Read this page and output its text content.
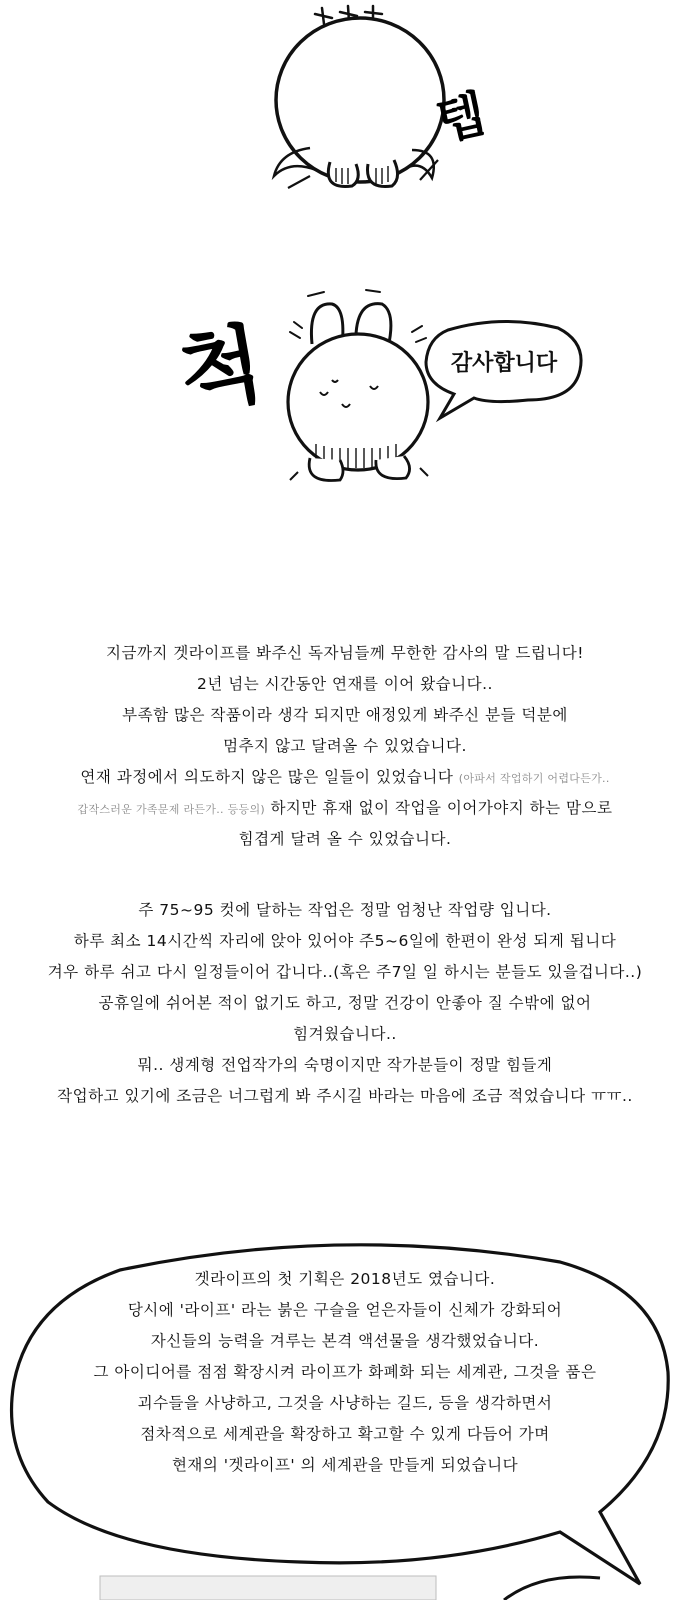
텝
척	감사합니다
지금까지 겟라이프를 봐주신 독자님들께 무한한 감사의 말 드립니다!
2년 넘는 시간동안 연재를 이어 왔습니다..
부족함 많은 작품이라 생각 되지만 애정있게 봐주신 분들 덕분에
멈추지 않고 달려올 수 있었습니다.
연재 과정에서 의도하지 않은 많은 일들이 있었습니다 (아파서 작업하기 어렵다든가..
갑작스러운 가족문제 라든가.. 등등의) 하지만 휴재 없이 작업을 이어가야지 하는 맘으로
힘겹게 달려 올 수 있었습니다.
주 75~95 컷에 달하는 작업은 정말 엄청난 작업량 입니다.
하루 최소 14시간씩 자리에 앉아 있어야 주5~6일에 한편이 완성 되게 됩니다
겨우 하루 쉬고 다시 일정들이어 갑니다..(혹은 주7일 일 하시는 분들도 있을겁니다..)
공휴일에 쉬어본 적이 없기도 하고, 정말 건강이 안좋아 질 수밖에 없어
힘겨웠습니다..
뭐.. 생계형 전업작가의 숙명이지만 작가분들이 정말 힘들게
작업하고 있기에 조금은 너그럽게 봐 주시길 바라는 마음에 조금 적었습니다 ㅠㅠ..
겟라이프의 첫 기획은 2018년도 였습니다.
당시에 '라이프' 라는 붉은 구슬을 얻은자들이 신체가 강화되어
자신들의 능력을 겨루는 본격 액션물을 생각했었습니다.
그 아이디어를 점점 확장시켜 라이프가 화폐화 되는 세계관, 그것을 품은
괴수들을 사냥하고, 그것을 사냥하는 길드, 등을 생각하면서
점차적으로 세계관을 확장하고 확고할 수 있게 다듬어 가며
현재의 '겟라이프' 의 세계관을 만들게 되었습니다
